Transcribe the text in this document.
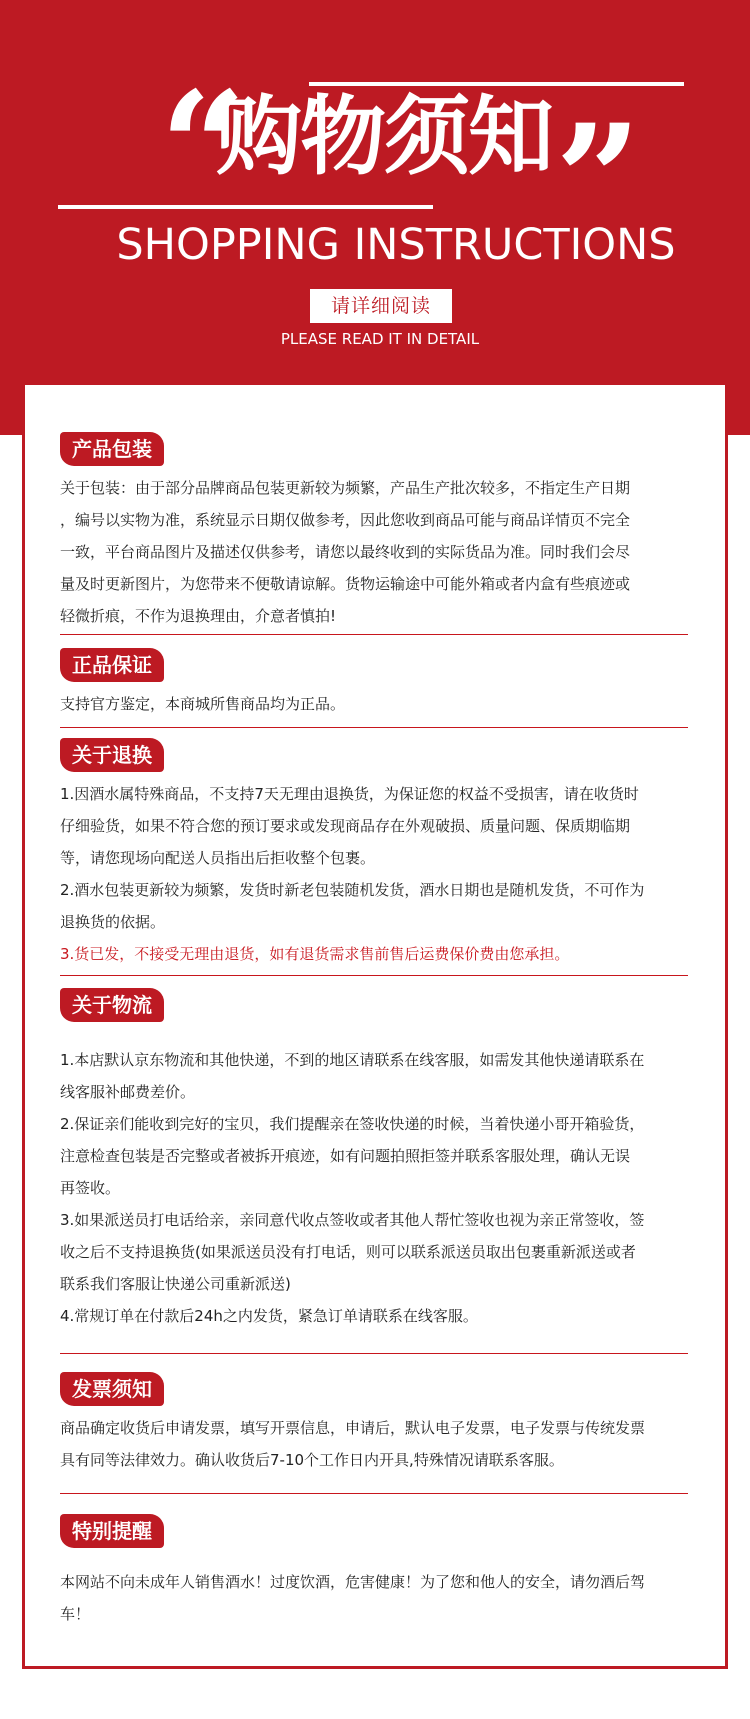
“
购物须知 ”
SHOPPING INSTRUCTIONS
请详细阅读
PLEASE READ IT IN DETAIL
产品包装

关于包装：由于部分品牌商品包装更新较为频繁，产品生产批次较多，不指定生产日期

，编号以实物为准，系统显示日期仅做参考，因此您收到商品可能与商品详情页不完全

一致，平台商品图片及描述仅供参考，请您以最终收到的实际货品为准。同时我们会尽

量及时更新图片，为您带来不便敬请谅解。货物运输途中可能外箱或者内盒有些痕迹或

轻微折痕，不作为退换理由，介意者慎拍!

正品保证

支持官方鉴定，本商城所售商品均为正品。

关于退换

1.因酒水属特殊商品，不支持7天无理由退换货，为保证您的权益不受损害，请在收货时

仔细验货，如果不符合您的预订要求或发现商品存在外观破损、质量问题、保质期临期

等，请您现场向配送人员指出后拒收整个包裹。

2.酒水包装更新较为频繁，发货时新老包装随机发货，酒水日期也是随机发货，不可作为

退换货的依据。

3.货已发，不接受无理由退货，如有退货需求售前售后运费保价费由您承担。

关于物流

1.本店默认京东物流和其他快递，不到的地区请联系在线客服，如需发其他快递请联系在

线客服补邮费差价。

2.保证亲们能收到完好的宝贝，我们提醒亲在签收快递的时候，当着快递小哥开箱验货，

注意检查包装是否完整或者被拆开痕迹，如有问题拍照拒签并联系客服处理，确认无误

再签收。

3.如果派送员打电话给亲，亲同意代收点签收或者其他人帮忙签收也视为亲正常签收，签

收之后不支持退换货(如果派送员没有打电话，则可以联系派送员取出包裹重新派送或者

联系我们客服让快递公司重新派送)

4.常规订单在付款后24h之内发货，紧急订单请联系在线客服。

发票须知

商品确定收货后申请发票，填写开票信息，申请后，默认电子发票，电子发票与传统发票

具有同等法律效力。确认收货后7-10个工作日内开具,特殊情况请联系客服。

特别提醒

本网站不向未成年人销售酒水！过度饮酒，危害健康！为了您和他人的安全，请勿酒后驾

车！
